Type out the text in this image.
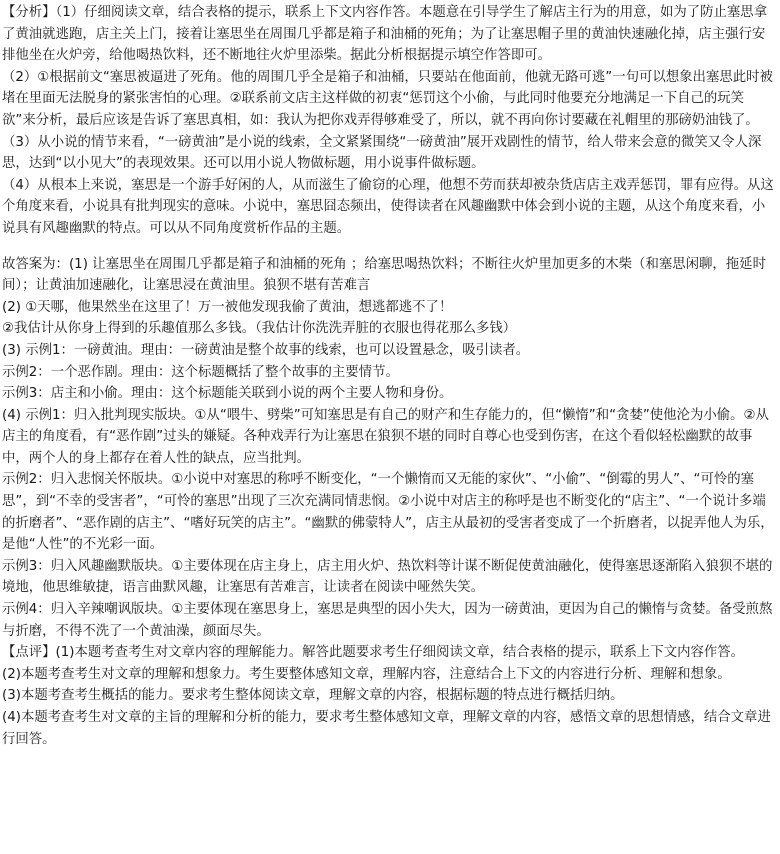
【分析】（1）仔细阅读文章，结合表格的提示，联系上下文内容作答。本题意在引导学生了解店主行为的用意，如为了防止塞思拿了黄油就逃跑，店主关上门，接着让塞思坐在周围几乎都是箱子和油桶的死角；为了让塞思帽子里的黄油快速融化掉，店主强行安排他坐在火炉旁，给他喝热饮料，还不断地往火炉里添柴。据此分析根据提示填空作答即可。

（2）①根据前文“塞思被逼进了死角。他的周围几乎全是箱子和油桶，只要站在他面前，他就无路可逃”一句可以想象出塞思此时被堵在里面无法脱身的紧张害怕的心理。②联系前文店主这样做的初衷“惩罚这个小偷，与此同时他要充分地满足一下自己的玩笑欲”来分析，最后应该是告诉了塞思真相，如：我认为把你戏弄得够难受了，所以，就不再向你讨要藏在礼帽里的那磅奶油钱了。

（3）从小说的情节来看，“一磅黄油”是小说的线索，全文紧紧围绕“一磅黄油”展开戏剧性的情节，给人带来会意的微笑又令人深思，达到“以小见大”的表现效果。还可以用小说人物做标题，用小说事件做标题。

（4）从根本上来说，塞思是一个游手好闲的人，从而滋生了偷窃的心理，他想不劳而获却被杂货店店主戏弄惩罚，罪有应得。从这个角度来看，小说具有批判现实的意味。小说中，塞思囧态频出，使得读者在风趣幽默中体会到小说的主题，从这个角度来看，小说具有风趣幽默的特点。可以从不同角度赏析作品的主题。

故答案为：(1) 让塞思坐在周围几乎都是箱子和油桶的死角 ；给塞思喝热饮料；不断往火炉里加更多的木柴（和塞思闲聊，拖延时间）；让黄油加速融化，让塞思浸在黄油里。狼狈不堪有苦难言

(2) ①天哪，他果然坐在这里了！万一被他发现我偷了黄油，想逃都逃不了！

②我估计从你身上得到的乐趣值那么多钱。（我估计你洗洗弄脏的衣服也得花那么多钱）

(3) 示例1：一磅黄油。理由：一磅黄油是整个故事的线索，也可以设置悬念，吸引读者。

示例2：一个恶作剧。理由：这个标题概括了整个故事的主要情节。

示例3：店主和小偷。理由：这个标题能关联到小说的两个主要人物和身份。

(4) 示例1：归入批判现实版块。①从“喂牛、劈柴”可知塞思是有自己的财产和生存能力的，但“懒惰”和“贪婪”使他沦为小偷。②从店主的角度看，有“恶作剧”过头的嫌疑。各种戏弄行为让塞思在狼狈不堪的同时自尊心也受到伤害，在这个看似轻松幽默的故事中，两个人的身上都存在着人性的缺点，应当批判。

示例2：归入悲悯关怀版块。①小说中对塞思的称呼不断变化，“一个懒惰而又无能的家伙”、“小偷”、“倒霉的男人”、“可怜的塞思”，到“不幸的受害者”，“可怜的塞思”出现了三次充满同情悲悯。②小说中对店主的称呼是也不断变化的“店主”、“一个说计多端的折磨者”、“恶作剧的店主”、“嗜好玩笑的店主”。“幽默的佛蒙特人”，店主从最初的受害者变成了一个折磨者，以捉弄他人为乐，是他“人性”的不光彩一面。

示例3：归入风趣幽默版块。①主要体现在店主身上，店主用火炉、热饮料等计谋不断促使黄油融化，使得塞思逐渐陷入狼狈不堪的境地，他思维敏捷，语言曲默风趣，让塞思有苦难言，让读者在阅读中哑然失笑。

示例4：归入辛辣嘲讽版块。①主要体现在塞思身上，塞思是典型的因小失大，因为一磅黄油，更因为自己的懒惰与贪婪。备受煎熬与折磨，不得不洗了一个黄油澡，颜面尽失。

【点评】(1)本题考查考生对文章内容的理解能力。解答此题要求考生仔细阅读文章，结合表格的提示，联系上下文内容作答。

(2)本题考查考生对文章的理解和想象力。考生要整体感知文章，理解内容，注意结合上下文的内容进行分析、理解和想象。

(3)本题考查考生概括的能力。要求考生整体阅读文章，理解文章的内容，根据标题的特点进行概括归纳。

(4)本题考查考生对文章的主旨的理解和分析的能力，要求考生整体感知文章，理解文章的内容，感悟文章的思想情感，结合文章进行回答。
